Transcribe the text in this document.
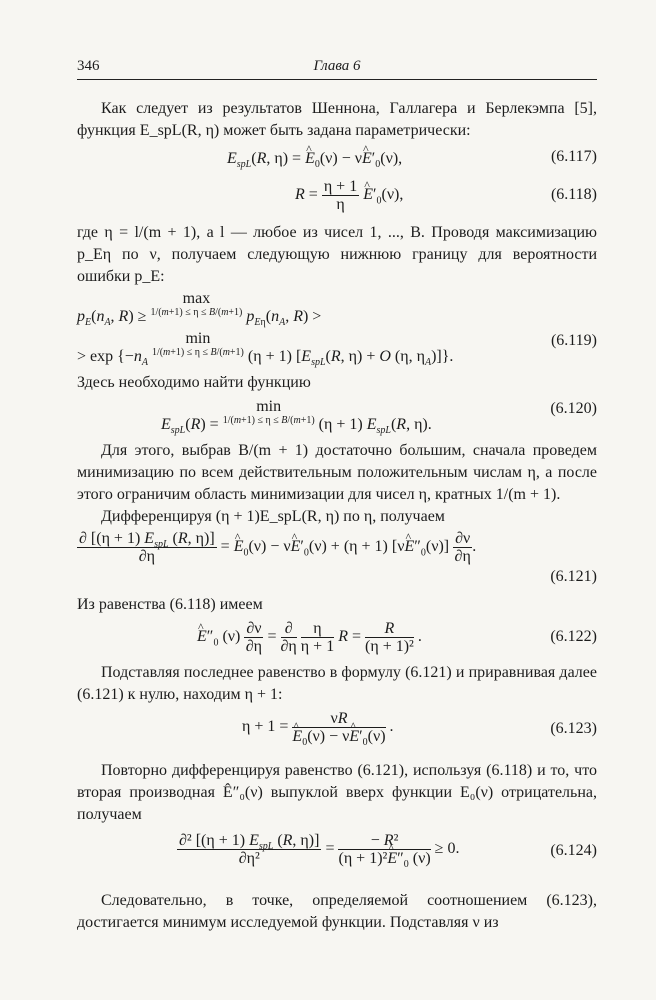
346	Глава 6

Как следует из результатов Шеннона, Галлагера и Берлекэмпа [5], функция E_spL(R, η) может быть задана параметрически:

$E_{spL}(R$, η) = ^ $E_0(\nu)$ − ν^ $E'_0(\nu)$,	(6.117)
$R = \frac{\eta + 1}{\eta}$ ^ $E'_0(\nu)$,	(6.118)

где η = l/(m + 1), а l — любое из чисел 1, ..., B. Проводя максимизацию p_Eη по ν, получаем следующую нижнюю границу для вероятности ошибки p_E:

$p_E(n_A$, R) ≥
max
1/(m+1) ≤ η ≤ B/(m+1) $p_{E\eta}(n_A$, R) >
> $\exp \{-n_A$
min
1/(m+1) ≤ η ≤ B/(m+1) (η + 1) [$E_{spL}(R$, η) + O (η, $\eta_A$)]}.
(6.119)

Здесь необходимо найти функцию

$E_{spL}(R)$ =
min
1/(m+1) ≤ η ≤ B/(m+1) (η + 1) $E_{spL}(R$, η).
(6.120)

Для этого, выбрав B/(m + 1) достаточно большим, сначала проведем минимизацию по всем действительным положительным числам η, а после этого ограничим область минимизации для чисел η, кратных 1/(m + 1).

Дифференцируя (η + 1)E_spL(R, η) по η, получаем

$\frac{\partial [(\eta + 1) E_{spL} (R, \eta)]}{\partial\eta}$ = ^ $E_0(\nu)$ − ν^ $E'_0(\nu) + (\eta + 1)$ [ν^ $E''_0(\nu)] \frac{\partial\nu}{\partial\eta}$ .
(6.121)

Из равенства (6.118) имеем

^ $E''_0$ $(\nu) \frac{\partial\nu}{\partial\eta} = \frac{\partial}{\partial\eta}$
$\frac{\eta}{\eta + 1}$ $R = \frac{R}{\text{(η + 1)²}}$ .	(6.122)

Подставляя последнее равенство в формулу (6.121) и приравнивая далее (6.121) к нулю, находим η + 1:

η + 1 = νR
^ $E_0(\nu)$ − ν^ $E'_0(\nu)$ .	(6.123)

Повторно дифференцируя равенство (6.121), используя (6.118) и то, что вторая производная Ê″₀(ν) выпуклой вверх функции E₀(ν) отрицательна, получаем

$\frac{\partial^2 [(\eta + 1) E_{spL} (R, \eta)]}{\text{∂η²}} = \frac{\text{− R²}}{(\eta + 1)^2\^{} E''_0 (\nu)} \ge 0$.	(6.124)

Следовательно, в точке, определяемой соотношением (6.123), достигается минимум исследуемой функции. Подставляя ν из
